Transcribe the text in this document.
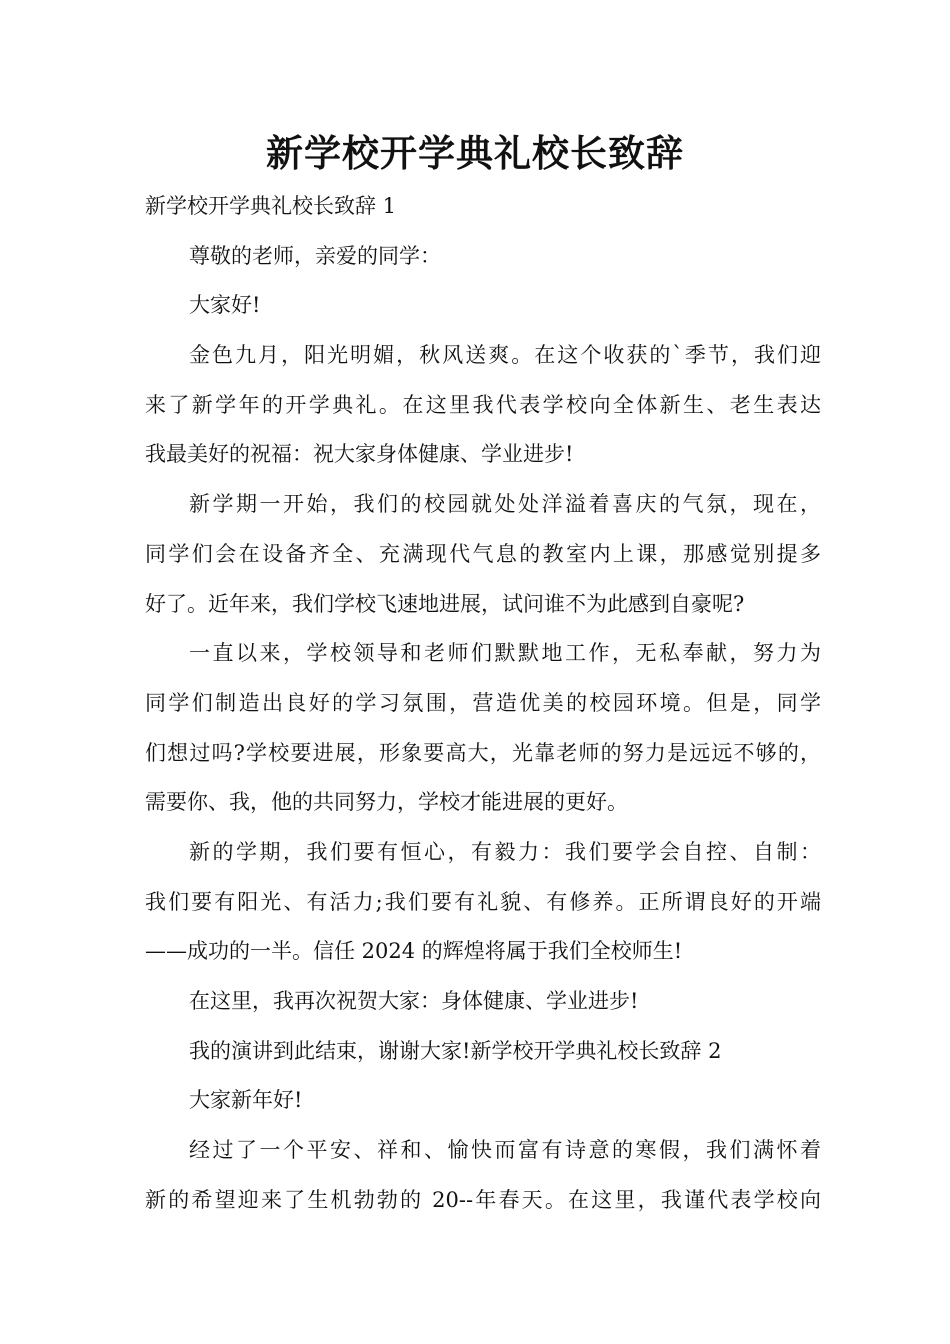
新学校开学典礼校长致辞

新学校开学典礼校长致辞 1

尊敬的老师，亲爱的同学：

大家好!

金色九月，阳光明媚，秋风送爽。在这个收获的`季节，我们迎

来了新学年的开学典礼。在这里我代表学校向全体新生、老生表达

我最美好的祝福：祝大家身体健康、学业进步!

新学期一开始，我们的校园就处处洋溢着喜庆的气氛，现在，

同学们会在设备齐全、充满现代气息的教室内上课，那感觉别提多

好了。近年来，我们学校飞速地进展，试问谁不为此感到自豪呢?

一直以来，学校领导和老师们默默地工作，无私奉献，努力为

同学们制造出良好的学习氛围，营造优美的校园环境。但是，同学

们想过吗?学校要进展，形象要高大，光靠老师的努力是远远不够的，

需要你、我，他的共同努力，学校才能进展的更好。

新的学期，我们要有恒心，有毅力：我们要学会自控、自制：

我们要有阳光、有活力;我们要有礼貌、有修养。正所谓良好的开端

——成功的一半。信任 2024 的辉煌将属于我们全校师生!

在这里，我再次祝贺大家：身体健康、学业进步!

我的演讲到此结束，谢谢大家!新学校开学典礼校长致辞 2

大家新年好!

经过了一个平安、祥和、愉快而富有诗意的寒假，我们满怀着

新的希望迎来了生机勃勃的 20--年春天。在这里，我谨代表学校向
